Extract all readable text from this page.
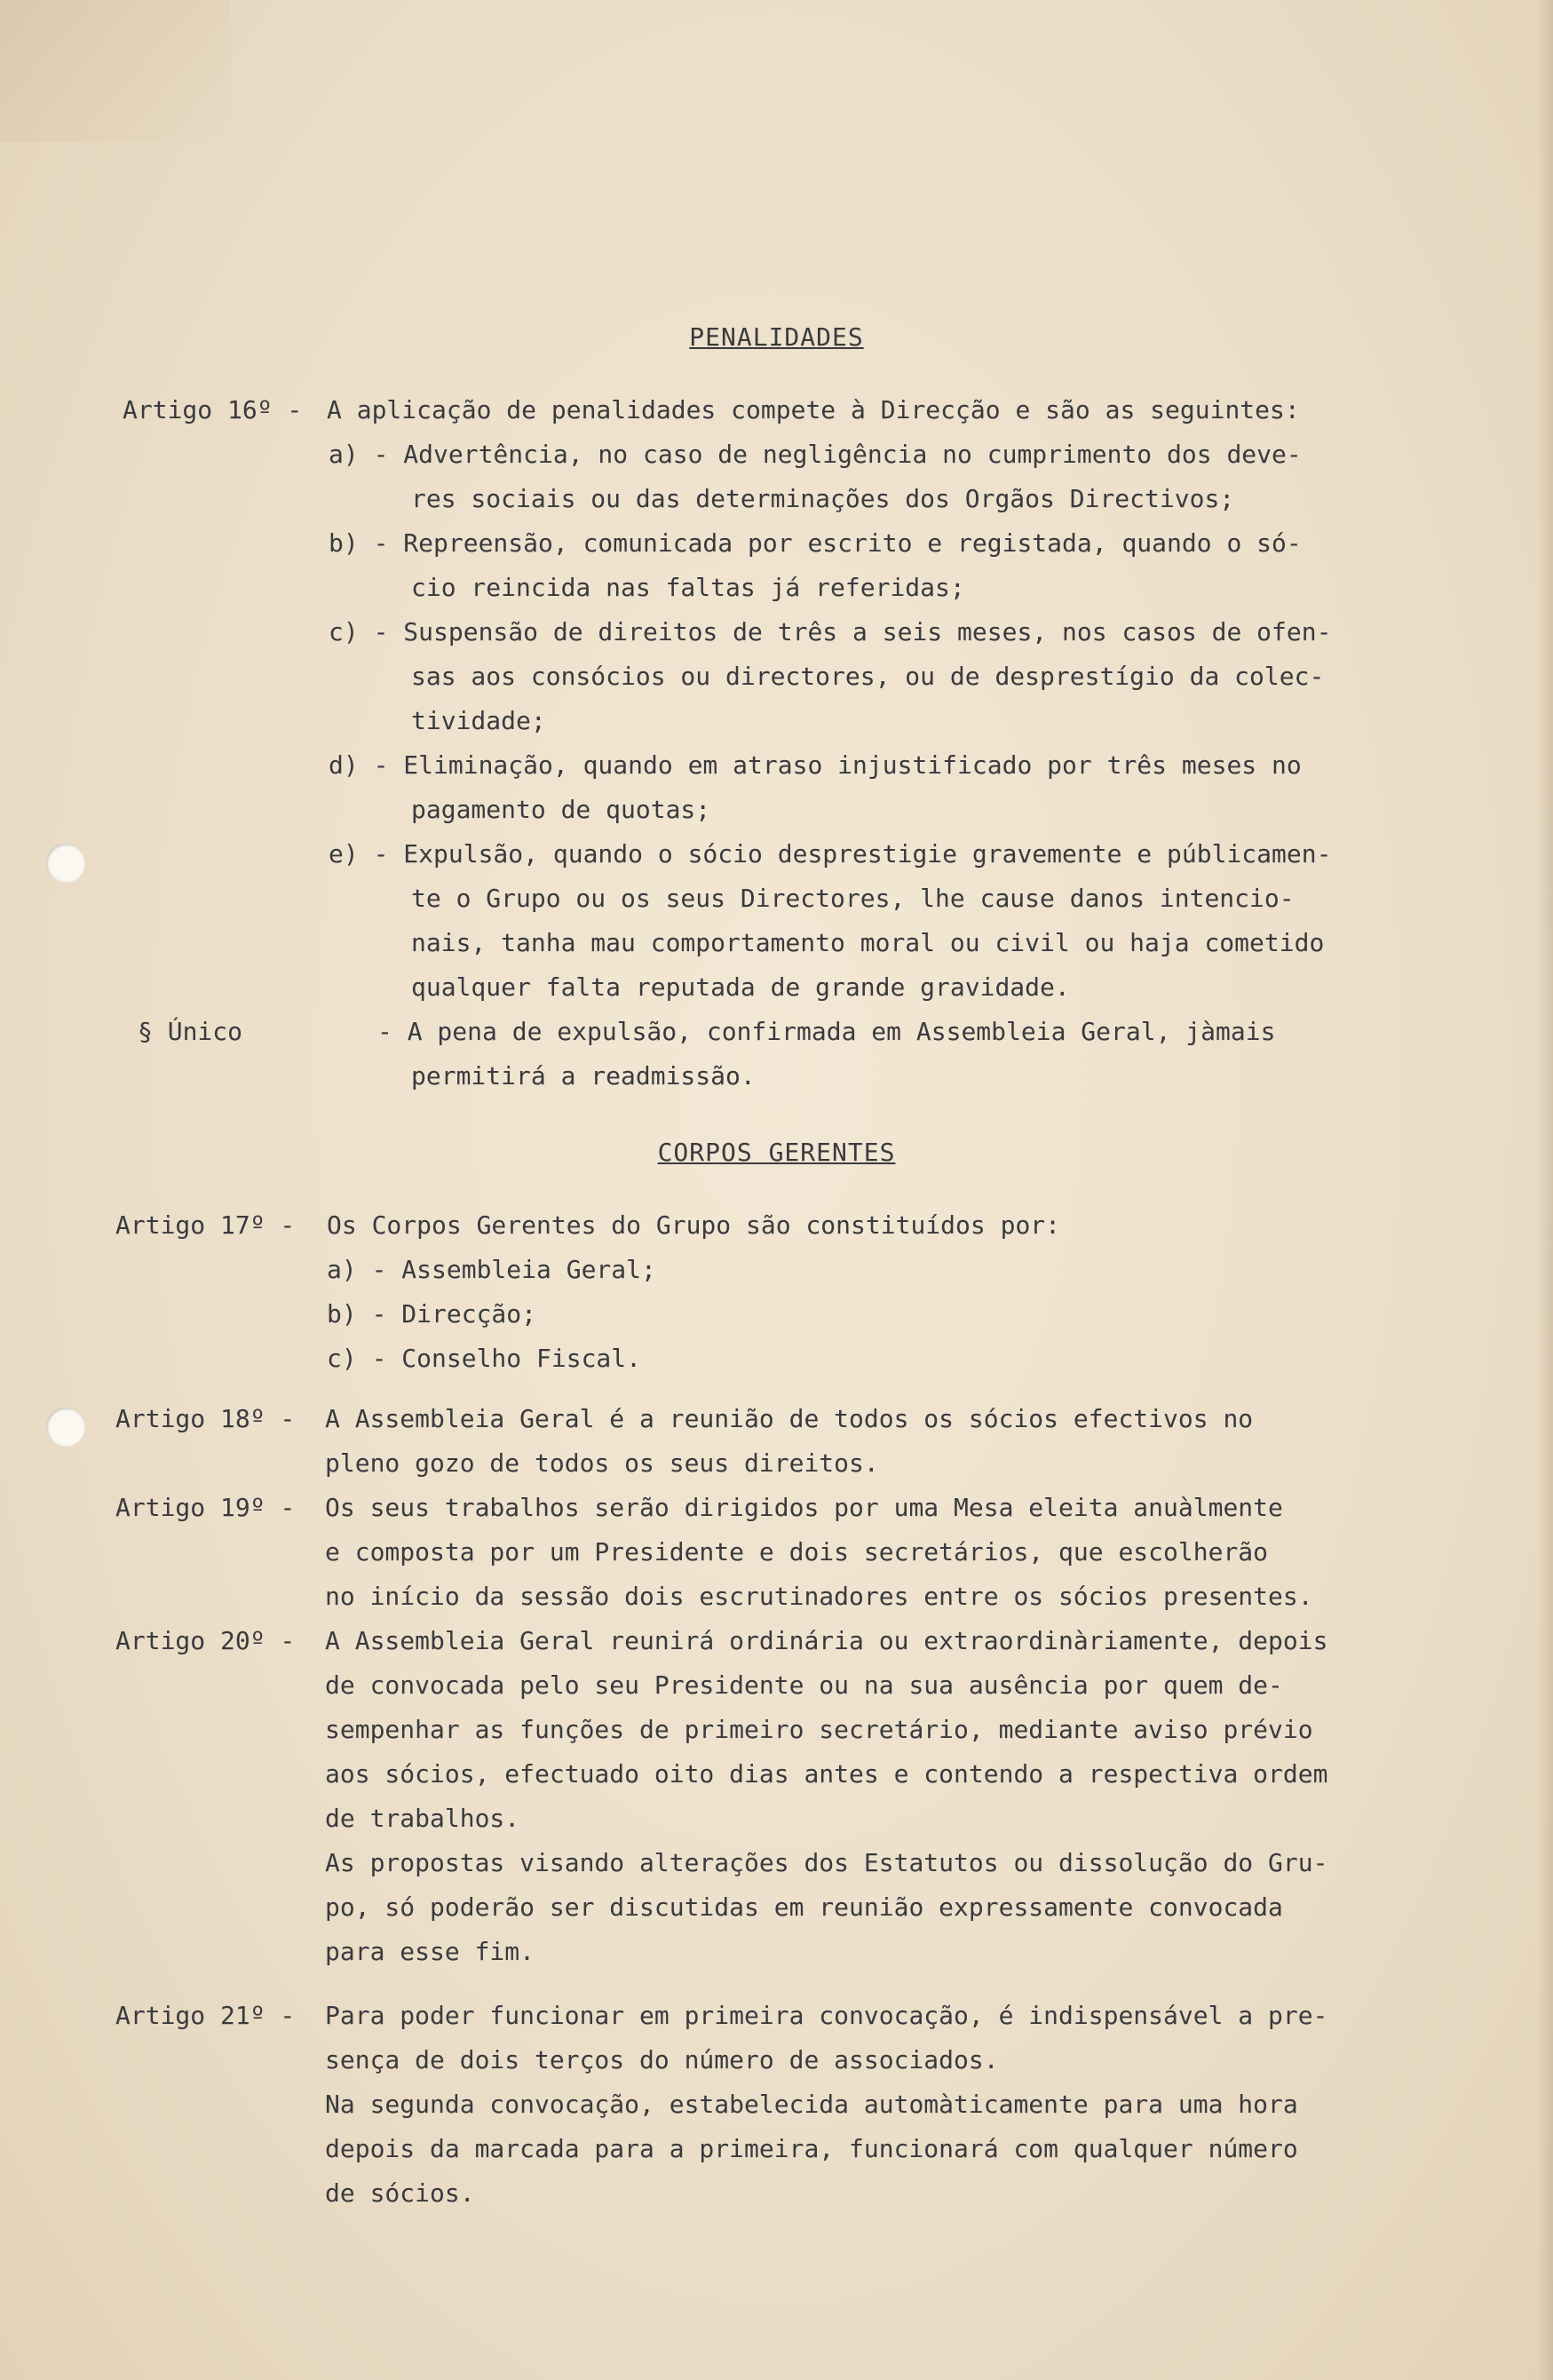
PENALIDADES
Artigo 16º - A aplicação de penalidades compete à Direcção e são as seguintes:
a) - Advertência, no caso de negligência no cumprimento dos deve-
res sociais ou das determinações dos Orgãos Directivos;
b) - Repreensão, comunicada por escrito e registada, quando o só-
cio reincida nas faltas já referidas;
c) - Suspensão de direitos de três a seis meses, nos casos de ofen-
sas aos consócios ou directores, ou de desprestígio da colec-
tividade;
d) - Eliminação, quando em atraso injustificado por três meses no
pagamento de quotas;
e) - Expulsão, quando o sócio desprestigie gravemente e públicamen-
te o Grupo ou os seus Directores, lhe cause danos intencio-
nais, tanha mau comportamento moral ou civil ou haja cometido
qualquer falta reputada de grande gravidade.
§ Único	- A pena de expulsão, confirmada em Assembleia Geral, jàmais
permitirá a readmissão.
CORPOS GERENTES
Artigo 17º - Os Corpos Gerentes do Grupo são constituídos por:
a) - Assembleia Geral;
b) - Direcção;
c) - Conselho Fiscal.
Artigo 18º - A Assembleia Geral é a reunião de todos os sócios efectivos no
pleno gozo de todos os seus direitos.
Artigo 19º - Os seus trabalhos serão dirigidos por uma Mesa eleita anuàlmente
e composta por um Presidente e dois secretários, que escolherão
no início da sessão dois escrutinadores entre os sócios presentes.
Artigo 20º - A Assembleia Geral reunirá ordinária ou extraordinàriamente, depois
de convocada pelo seu Presidente ou na sua ausência por quem de-
sempenhar as funções de primeiro secretário, mediante aviso prévio
aos sócios, efectuado oito dias antes e contendo a respectiva ordem
de trabalhos.
As propostas visando alterações dos Estatutos ou dissolução do Gru-
po, só poderão ser discutidas em reunião expressamente convocada
para esse fim.
Artigo 21º - Para poder funcionar em primeira convocação, é indispensável a pre-
sença de dois terços do número de associados.
Na segunda convocação, estabelecida automàticamente para uma hora
depois da marcada para a primeira, funcionará com qualquer número
de sócios.
